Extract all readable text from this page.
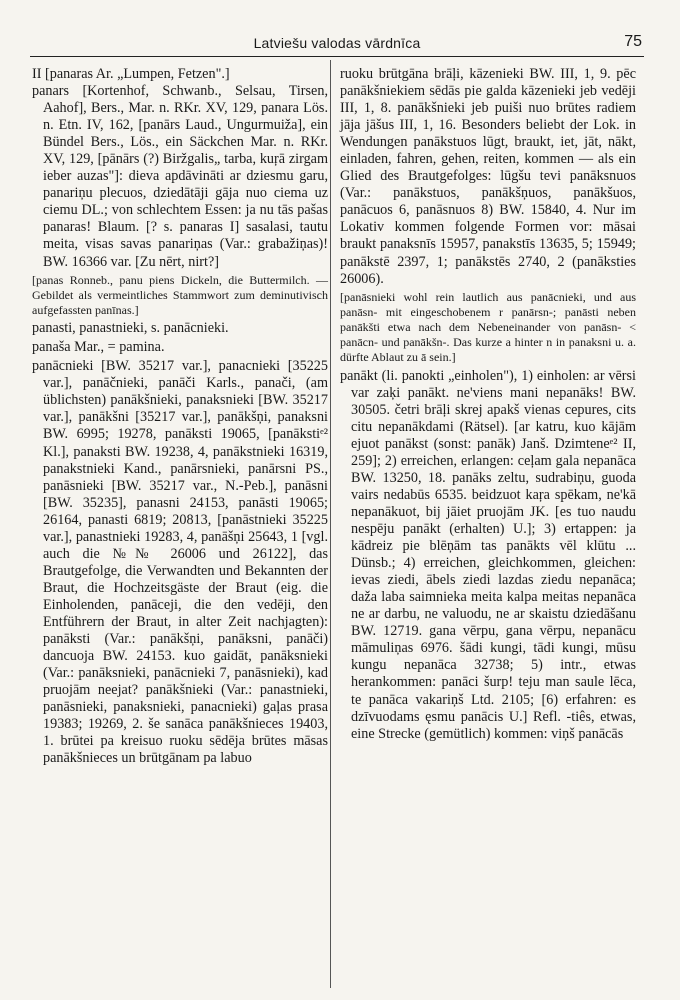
Latviešu valodas vārdnīca	75

II [panaras Ar. „Lumpen, Fetzen".]

panars [Kortenhof, Schwanb., Selsau, Tirsen, Aahof], Bers., Mar. n. RKr. XV, 129, panara Lös. n. Etn. IV, 162, [panārs Laud., Ungurmuiža], ein Bündel Bers., Lös., ein Säckchen Mar. n. RKr. XV, 129, [pānārs (?) Biržgalis„ tarba, kuŗā zirgam ieber auzas"]: dieva apdāvināti ar dziesmu garu, panariņu plecuos, dziedātāji gāja nuo ciema uz ciemu DL.; von schlechtem Essen: ja nu tās pašas panaras! Blaum. [? s. panaras I] sasalasi, tautu meita, visas savas panariņas (Var.: grabažiņas)! BW. 16366 var. [Zu nērt, nirt?]

[panas Ronneb., panu piens Dickeln, die Buttermilch. — Gebildet als vermeintliches Stammwort zum deminutivisch aufgefassten panīnas.]

panasti, panastnieki, s. panācnieki.

panaša Mar., = pamina.

panācnieki [BW. 35217 var.], panacnieki [35225 var.], panāčnieki, panāči Karls., panači, (am üblichsten) panākšnieki, panaksnieki [BW. 35217 var.], panākšni [35217 var.], panākšņi, panaksni BW. 6995; 19278, panāksti 19065, [panākstiᵉ² Kl.], panaksti BW. 19238, 4, panākstnieki 16319, panakstnieki Kand., panārsnieki, panārsni PS., panāsnieki [BW. 35217 var., N.-Peb.], panāsni [BW. 35235], panasni 24153, panāsti 19065; 26164, panasti 6819; 20813, [panāstnieki 35225 var.], panastnieki 19283, 4, panāšņi 25643, 1 [vgl. auch die №№ 26006 und 26122], das Brautgefolge, die Verwandten und Bekannten der Braut, die Hochzeitsgäste der Braut (eig. die Einholenden, panāceji, die den vedēji, den Entführern der Braut, in alter Zeit nachjagten): panāksti (Var.: panākšņi, panāksni, panāči) dancuoja BW. 24153. kuo gaidāt, panāksnieki (Var.: panāksnieki, panācnieki 7, panāsnieki), kad pruojām neejat? panākšnieki (Var.: panastnieki, panāsnieki, panaksnieki, panacnieki) gaļas prasa 19383; 19269, 2. še sanāca panākšnieces 19403, 1. brūtei pa kreisuo ruoku sēdēja brūtes māsas panākšnieces un brūtgānam pa labuo

ruoku brūtgāna brāļi, kāzenieki BW. III, 1, 9. pēc panākšniekiem sēdās pie galda kāzenieki jeb vedēji III, 1, 8. panākšnieki jeb puiši nuo brūtes radiem jāja jāšus III, 1, 16. Besonders beliebt der Lok. in Wendungen panākstuos lūgt, braukt, iet, jāt, nākt, einladen, fahren, gehen, reiten, kommen — als ein Glied des Brautgefolges: lūgšu tevi panāksnuos (Var.: panākstuos, panākšņuos, panākšuos, panācuos 6, panāsnuos 8) BW. 15840, 4. Nur im Lokativ kommen folgende Formen vor: māsai braukt panaksnīs 15957, panakstīs 13635, 5; 15949; panākstē 2397, 1; panākstēs 2740, 2 (panāksties 26006).

[panāsnieki wohl rein lautlich aus panācnieki, und aus panāsn- mit eingeschobenem r panārsn-; panāsti neben panākšti etwa nach dem Nebeneinander von panāsn- < panācn- und panākšn-. Das kurze a hinter n in panaksni u. a. dürfte Ablaut zu ā sein.]

panākt (li. panokti „einholen"), 1) einholen: ar vērsi var zaķi panākt. ne'viens mani nepanāks! BW. 30505. četri brāļi skrej apakš vienas cepures, cits citu nepanākdami (Rätsel). [ar katru, kuo kājām ejuot panākst (sonst: panāk) Janš. Dzimteneᵉ² II, 259]; 2) erreichen, erlangen: ceļam gala nepanāca BW. 13250, 18. panāks zeltu, sudrabiņu, guoda vairs nedabūs 6535. beidzuot kaŗa spēkam, ne'kā nepanākuot, bij jāiet pruojām JK. [es tuo naudu nespēju panākt (erhalten) U.]; 3) ertappen: ja kādreiz pie blēņām tas panākts vēl klūtu ... Dünsb.; 4) erreichen, gleichkommen, gleichen: ievas ziedi, ābels ziedi lazdas ziedu nepanāca; daža laba saimnieka meita kalpa meitas nepanāca ne ar darbu, ne valuodu, ne ar skaistu dziedāšanu BW. 12719. gana vērpu, gana vērpu, nepanācu māmuliņas 6976. šādi kungi, tādi kungi, mūsu kungu nepanāca 32738; 5) intr., etwas herankommen: panāci šurp! teju man saule lēca, te panāca vakariņš Ltd. 2105; [6) erfahren: es dzīvuodams ęsmu panācis U.] Refl. -tiês, etwas, eine Strecke (gemütlich) kommen: viņš panācās
